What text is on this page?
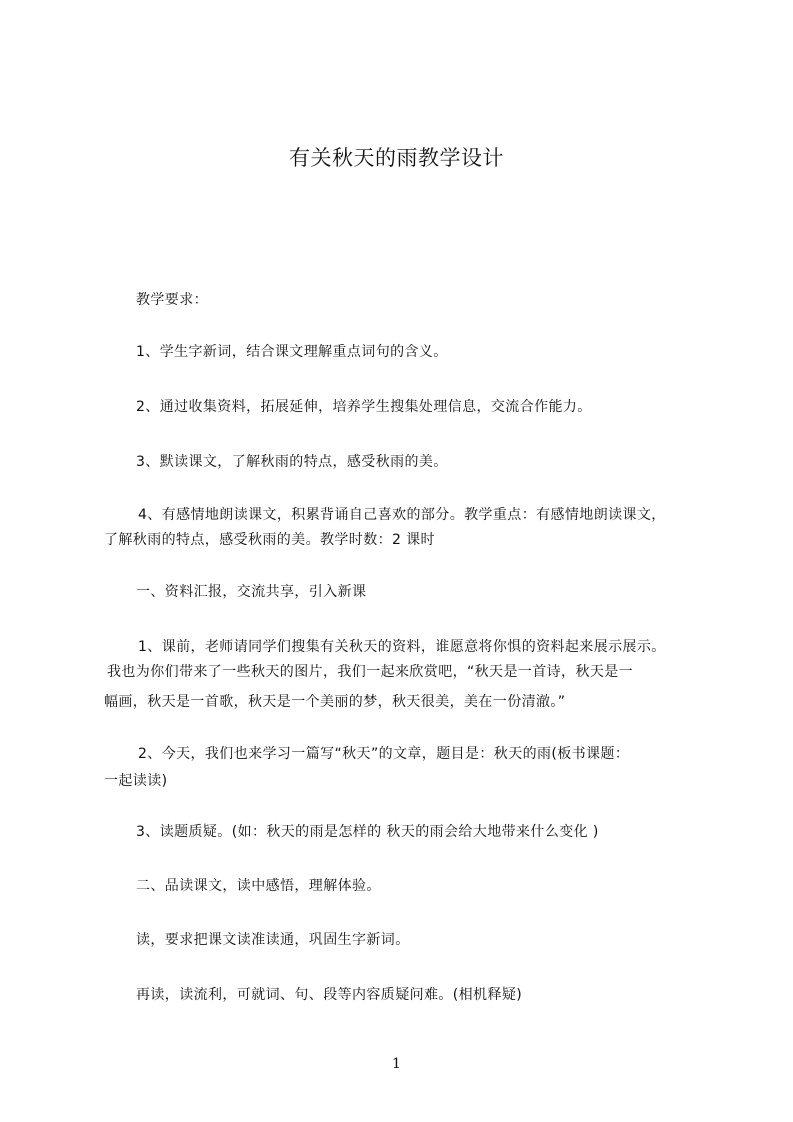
有关秋天的雨教学设计

教学要求：

1、学生字新词，结合课文理解重点词句的含义。

2、通过收集资料，拓展延伸，培养学生搜集处理信息，交流合作能力。

3、默读课文，了解秋雨的特点，感受秋雨的美。

4、有感情地朗读课文，积累背诵自己喜欢的部分。教学重点：有感情地朗读课文，

了解秋雨的特点，感受秋雨的美。教学时数：2 课时

一、资料汇报，交流共享，引入新课

1、课前，老师请同学们搜集有关秋天的资料，谁愿意将你惧的资料起来展示展示。

我也为你们带来了一些秋天的图片，我们一起来欣赏吧，“秋天是一首诗，秋天是一

幅画，秋天是一首歌，秋天是一个美丽的梦，秋天很美，美在一份清澈。”

2、今天，我们也来学习一篇写“秋天”的文章，题目是：秋天的雨(板书课题：

一起读读)

3、读题质疑。(如：秋天的雨是怎样的 秋天的雨会给大地带来什么变化 )

二、品读课文，读中感悟，理解体验。

读，要求把课文读准读通，巩固生字新词。

再读，读流利，可就词、句、段等内容质疑问难。(相机释疑)

1
